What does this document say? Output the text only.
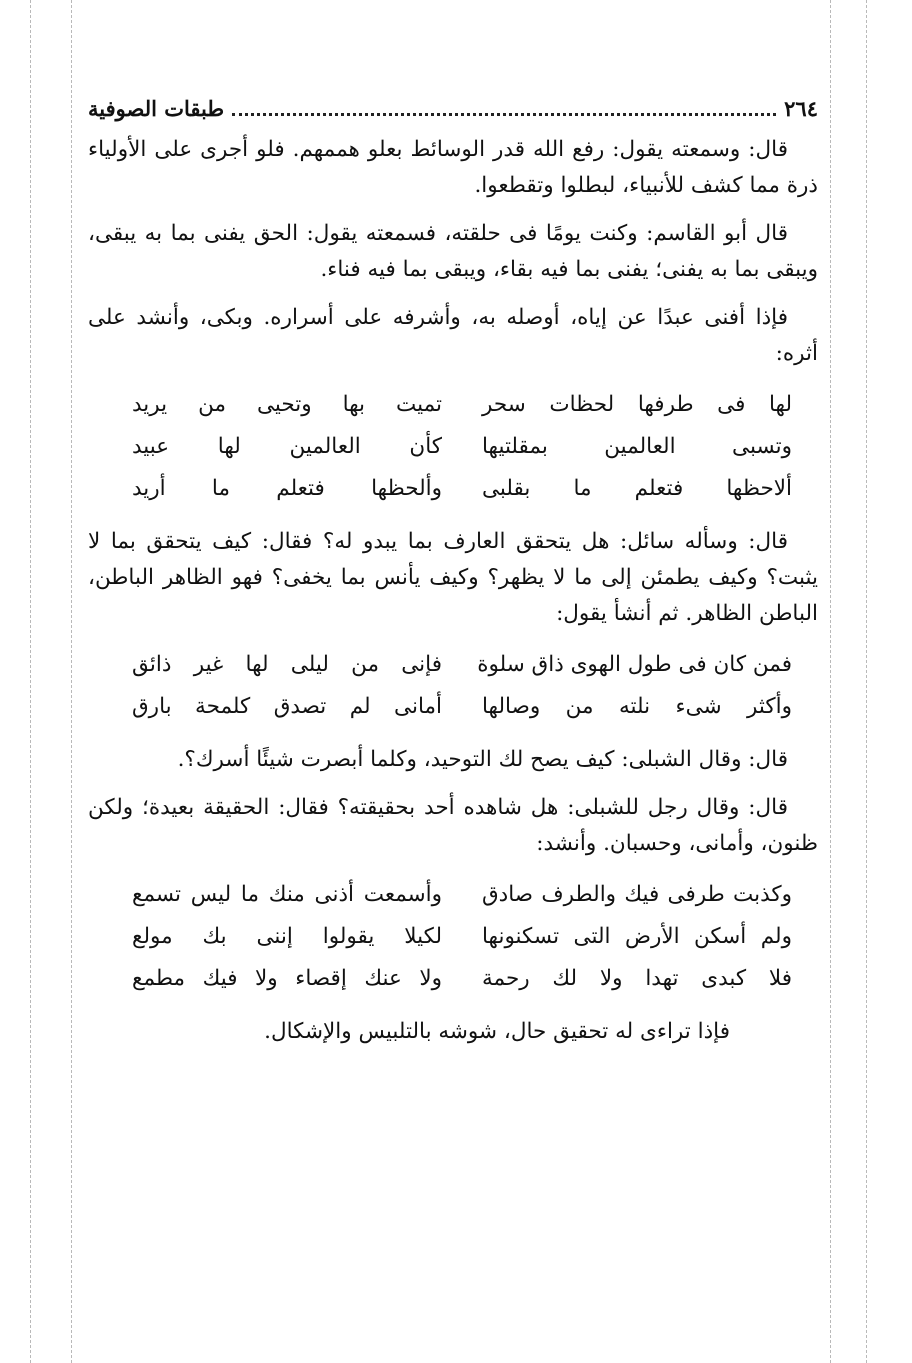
٢٦٤
طبقات الصوفية

قال: وسمعته يقول: رفع الله قدر الوسائط بعلو هممهم. فلو أجرى على الأولياء ذرة مما كشف للأنبياء، لبطلوا وتقطعوا.

قال أبو القاسم: وكنت يومًا فى حلقته، فسمعته يقول: الحق يفنى بما به يبقى، ويبقى بما به يفنى؛ يفنى بما فيه بقاء، ويبقى بما فيه فناء.

فإذا أفنى عبدًا عن إياه، أوصله به، وأشرفه على أسراره. وبكى، وأنشد على أثره:

لها فى طرفها لحظات سحر
تميت بها وتحيى من يريد
وتسبى العالمين بمقلتيها
كأن العالمين لها عبيد
ألاحظها فتعلم ما بقلبى
وألحظها فتعلم ما أريد

قال: وسأله سائل: هل يتحقق العارف بما يبدو له؟ فقال: كيف يتحقق بما لا يثبت؟ وكيف يطمئن إلى ما لا يظهر؟ وكيف يأنس بما يخفى؟ فهو الظاهر الباطن، الباطن الظاهر. ثم أنشأ يقول:

فمن كان فى طول الهوى ذاق سلوة
فإنى من ليلى لها غير ذائق
وأكثر شىء نلته من وصالها
أمانى لم تصدق كلمحة بارق

قال: وقال الشبلى: كيف يصح لك التوحيد، وكلما أبصرت شيئًا أسرك؟.

قال: وقال رجل للشبلى: هل شاهده أحد بحقيقته؟ فقال: الحقيقة بعيدة؛ ولكن ظنون، وأمانى، وحسبان. وأنشد:

وكذبت طرفى فيك والطرف صادق
وأسمعت أذنى منك ما ليس تسمع
ولم أسكن الأرض التى تسكنونها
لكيلا يقولوا إننى بك مولع
فلا كبدى تهدا ولا لك رحمة
ولا عنك إقصاء ولا فيك مطمع

فإذا تراءى له تحقيق حال، شوشه بالتلبيس والإشكال.
